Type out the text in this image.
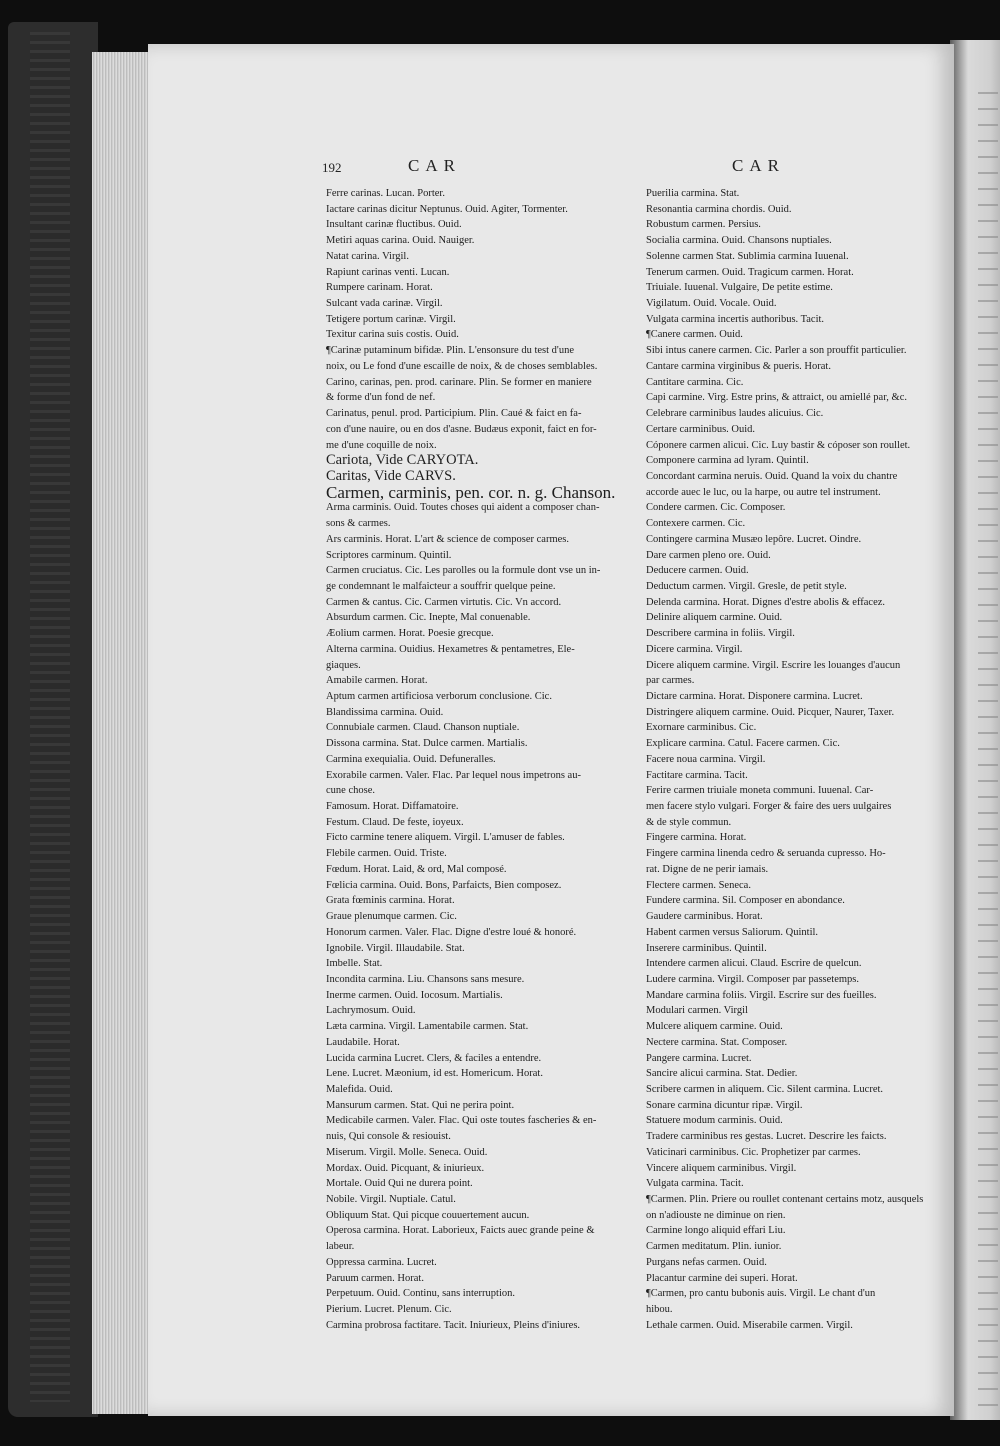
192	CAR	CAR
Ferre carinas. Lucan. Porter.
Iactare carinas dicitur Neptunus. Ouid. Agiter, Tormenter.
Insultant carinæ fluctibus. Ouid.
Metiri aquas carina. Ouid. Nauiger.
Natat carina. Virgil.
Rapiunt carinas venti. Lucan.
Rumpere carinam. Horat.
Sulcant vada carinæ. Virgil.
Tetigere portum carinæ. Virgil.
Texitur carina suis costis. Ouid.
¶Carinæ putaminum bifidæ. Plin. L'ensonsure du test d'une
noix, ou Le fond d'une escaille de noix, & de choses semblables.
Carino, carinas, pen. prod. carinare. Plin. Se former en maniere
& forme d'un fond de nef.
Carinatus, penul. prod. Participium. Plin. Caué & faict en fa-
con d'une nauire, ou en dos d'asne. Budæus exponit, faict en for-
me d'une coquille de noix.
Cariota, Vide CARYOTA.
Caritas, Vide CARVS.
Carmen, carminis, pen. cor. n. g. Chanson.
Arma carminis. Ouid. Toutes choses qui aident a composer chan-
sons & carmes.
Ars carminis. Horat. L'art & science de composer carmes.
Scriptores carminum. Quintil.
Carmen cruciatus. Cic. Les parolles ou la formule dont vse un in-
ge condemnant le malfaicteur a souffrir quelque peine.
Carmen & cantus. Cic. Carmen virtutis. Cic. Vn accord.
Absurdum carmen. Cic. Inepte, Mal conuenable.
Æolium carmen. Horat. Poesie grecque.
Alterna carmina. Ouidius. Hexametres & pentametres, Ele-
giaques.
Amabile carmen. Horat.
Aptum carmen artificiosa verborum conclusione. Cic.
Blandissima carmina. Ouid.
Connubiale carmen. Claud. Chanson nuptiale.
Dissona carmina. Stat. Dulce carmen. Martialis.
Carmina exequialia. Ouid. Defuneralles.
Exorabile carmen. Valer. Flac. Par lequel nous impetrons au-
cune chose.
Famosum. Horat. Diffamatoire.
Festum. Claud. De feste, ioyeux.
Ficto carmine tenere aliquem. Virgil. L'amuser de fables.
Flebile carmen. Ouid. Triste.
Fœdum. Horat. Laid, & ord, Mal composé.
Fœlicia carmina. Ouid. Bons, Parfaicts, Bien composez.
Grata fœminis carmina. Horat.
Graue plenumque carmen. Cic.
Honorum carmen. Valer. Flac. Digne d'estre loué & honoré.
Ignobile. Virgil. Illaudabile. Stat.
Imbelle. Stat.
Incondita carmina. Liu. Chansons sans mesure.
Inerme carmen. Ouid. Iocosum. Martialis.
Lachrymosum. Ouid.
Læta carmina. Virgil. Lamentabile carmen. Stat.
Laudabile. Horat.
Lucida carmina Lucret. Clers, & faciles a entendre.
Lene. Lucret. Mæonium, id est. Homericum. Horat.
Malefida. Ouid.
Mansurum carmen. Stat. Qui ne perira point.
Medicabile carmen. Valer. Flac. Qui oste toutes fascheries & en-
nuis, Qui console & resiouist.
Miserum. Virgil. Molle. Seneca. Ouid.
Mordax. Ouid. Picquant, & iniurieux.
Mortale. Ouid Qui ne durera point.
Nobile. Virgil. Nuptiale. Catul.
Obliquum Stat. Qui picque couuertement aucun.
Operosa carmina. Horat. Laborieux, Faicts auec grande peine &
labeur.
Oppressa carmina. Lucret.
Paruum carmen. Horat.
Perpetuum. Ouid. Continu, sans interruption.
Pierium. Lucret. Plenum. Cic.
Carmina probrosa factitare. Tacit. Iniurieux, Pleins d'iniures.
Puerilia carmina. Stat.
Resonantia carmina chordis. Ouid.
Robustum carmen. Persius.
Socialia carmina. Ouid. Chansons nuptiales.
Solenne carmen Stat. Sublimia carmina Iuuenal.
Tenerum carmen. Ouid. Tragicum carmen. Horat.
Triuiale. Iuuenal. Vulgaire, De petite estime.
Vigilatum. Ouid. Vocale. Ouid.
Vulgata carmina incertis authoribus. Tacit.
¶Canere carmen. Ouid.
Sibi intus canere carmen. Cic. Parler a son prouffit particulier.
Cantare carmina virginibus & pueris. Horat.
Cantitare carmina. Cic.
Capi carmine. Virg. Estre prins, & attraict, ou amiellé par, &c.
Celebrare carminibus laudes alicuius. Cic.
Certare carminibus. Ouid.
Cóponere carmen alicui. Cic. Luy bastir & cóposer son roullet.
Componere carmina ad lyram. Quintil.
Concordant carmina neruis. Ouid. Quand la voix du chantre
accorde auec le luc, ou la harpe, ou autre tel instrument.
Condere carmen. Cic. Composer.
Contexere carmen. Cic.
Contingere carmina Musæo lepôre. Lucret. Oindre.
Dare carmen pleno ore. Ouid.
Deducere carmen. Ouid.
Deductum carmen. Virgil. Gresle, de petit style.
Delenda carmina. Horat. Dignes d'estre abolis & effacez.
Delinire aliquem carmine. Ouid.
Describere carmina in foliis. Virgil.
Dicere carmina. Virgil.
Dicere aliquem carmine. Virgil. Escrire les louanges d'aucun
par carmes.
Dictare carmina. Horat. Disponere carmina. Lucret.
Distringere aliquem carmine. Ouid. Picquer, Naurer, Taxer.
Exornare carminibus. Cic.
Explicare carmina. Catul. Facere carmen. Cic.
Facere noua carmina. Virgil.
Factitare carmina. Tacit.
Ferire carmen triuiale moneta communi. Iuuenal. Car-
men facere stylo vulgari. Forger & faire des uers uulgaires
& de style commun.
Fingere carmina. Horat.
Fingere carmina linenda cedro & seruanda cupresso. Ho-
rat. Digne de ne perir iamais.
Flectere carmen. Seneca.
Fundere carmina. Sil. Composer en abondance.
Gaudere carminibus. Horat.
Habent carmen versus Saliorum. Quintil.
Inserere carminibus. Quintil.
Intendere carmen alicui. Claud. Escrire de quelcun.
Ludere carmina. Virgil. Composer par passetemps.
Mandare carmina foliis. Virgil. Escrire sur des fueilles.
Modulari carmen. Virgil
Mulcere aliquem carmine. Ouid.
Nectere carmina. Stat. Composer.
Pangere carmina. Lucret.
Sancire alicui carmina. Stat. Dedier.
Scribere carmen in aliquem. Cic. Silent carmina. Lucret.
Sonare carmina dicuntur ripæ. Virgil.
Statuere modum carminis. Ouid.
Tradere carminibus res gestas. Lucret. Descrire les faicts.
Vaticinari carminibus. Cic. Prophetizer par carmes.
Vincere aliquem carminibus. Virgil.
Vulgata carmina. Tacit.
¶Carmen. Plin. Priere ou roullet contenant certains motz, ausquels
on n'adiouste ne diminue on rien.
Carmine longo aliquid effari Liu.
Carmen meditatum. Plin. iunior.
Purgans nefas carmen. Ouid.
Placantur carmine dei superi. Horat.
¶Carmen, pro cantu bubonis auis. Virgil. Le chant d'un
hibou.
Lethale carmen. Ouid. Miserabile carmen. Virgil.
